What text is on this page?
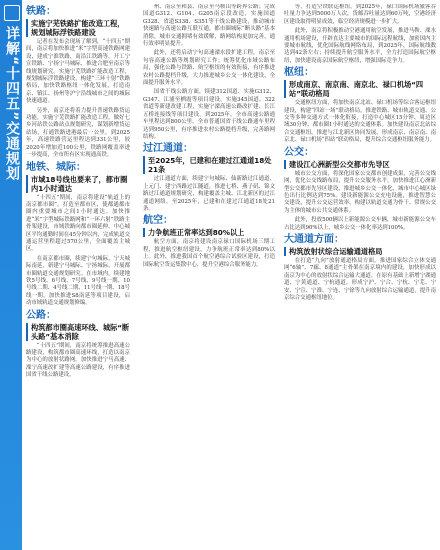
详解“十四五”交通规划
铁路：
实施宁芜铁路扩能改造工程，规划城际浮铁路建设

记者在发布会现场了解到，“十四五”期间，南京将加快推进“米”字型高速铁路网建设，建成宁淮铁路，南沿江铁路等，开工宁宣铁路、宁扬宁马城际，推进合肥至南京等线规划研究。实施宁芜铁路扩能改造工程，规划城际浮铁路建设，构建“三环十射”铁路格局，加快铁路枢纽一体化发展，打造南京、镇江、扬州等沪宁沿线城市之间的城际快速通道。

另外，南京还将着力提升普速铁路货运功能，实施宁芜铁路扩能改造工程，做好七乡河站铁公路站点规划研究，谋划新增货运站场，打通铁路进港最后一公里。到2025年，高速铁路营运里程达到331公里，较2020年增加近100公里，铁路网覆盖率进一步提高，全市所有区实现通高铁。

地铁、城际：
市域18号线也要来了，都市圈内1小时通达

“十四五”期间，南京将建设“轨道上的南京都市圈”，打造至都市区、使都通都市圈内重要城市之间1小时通达。加快推进“米”字型城际铁路网和“一环六射”铁路主骨架建设，市域铁路向都市圈延伸，中心城区平均通勤时间在45分钟以内，完成轨道交通运营里程超过570公里，全面覆盖主城区。

在南京都市圈，续建宁句城际，宁天城际南延，新建宁马城际、宁扬城际，开展都市圈轨道交通规划研究。在市域内，续建地铁5号线、6号线、7号线、9号线一期、10号线二期、4号线二期、11号线一期、18号线一期，加快推进S8南延等项目建设，启动市域轨道交通规划修编。

公路：
构筑都市圈高速环线、城际“断头路”基本消除

“十四五”期间，南京将统筹推进高速公路建设，构筑都市圈高速环线，打造以南京为中心的放射状路网。加快推进宁马高速、溧宁高速改扩建等高速公路建设，有序推进国省干线公路建设。

州、南京至和县、南京至马鞍山等跨界公路；完成国道G312、G104、G205南京段改造，实施国道G328、省道S338、S351等干线公路建设，推动城市快速路与高速公路互联互通，都市圈城际“断头路”基本消除，城市交通拥堵有效缓解，路网结构更加完善，通行效率明显提升。

此外，还将启动宁句高速溧水段扩建工程，南京至句容高速公路等规划研究工作；统筹优化市域公路布局，强化公路与铁路、航空枢纽的有效衔接，有序推进农村公路提档升级，大力推进城乡公交一体化建设，全面提升服务水平。

国省干线公路方面，续建312国道、实施G312、G347、江浦至栖霞等项目建设。实施345国道、322省道等新建改建工程，实施宁溧高速公路改扩建、长江五桥连接线等项目建设。到2025年，全市高速公路通车里程达到800公里，全市普通国省干线公路通车里程达到950公里，有序推进农村公路提档升级，完善路网结构。

过江通道：
至2025年，已建和在建过江通道18处21条

过江通道方面，续建宁句城际、仙新路过江通道、上元门、建宁西路过江隧道，推进七桥、燕子矶、锦文路过江通道规划研究，构建覆盖主城、江北新区的过江通道网络。至2025年，已建和在建过江通道18处21条。

航空：
力争航班正常率达到80%以上

航空方面，南京将建设南京禄口国际机场三期工程，推进航空枢纽建设，力争航班正常率达到80%以上。此外，推进我国首个航空港综合试验区建设，打造国际航空货运集散中心，提升空港综合服务能力。

等，打造空铁联运枢纽。到2025年，禄口国际机场旅客吞吐量力争达到5000万人次，货邮吞吐量达到60万吨，空港经济区建设取得明显成效，临空经济规模进一步扩大。

此外，南京将积极推动空港通用航空发展，推进马鞍、溧水通用机场建设，开辟直达主要城市的国际远程航线，加密国内主要城市航线，优化国际航线网络布局，到2025年，国际航线数达到42条左右；持续提升航空服务水平，全力打造国际航空枢纽，加快建设南京国际航空枢纽，增强国际竞争力。

枢纽：
形成南京、南京南、南京北、禄口机场“四站”联动格局

交通枢纽方面，将加快南京北站、禄口机场等综合客运枢纽建设，构建“四站一场”联动格局，推进铁路、城市轨道交通、公交等多种交通方式一体化衔接，打造中心城区15分钟、周边区域30分钟、都市圈1小时通达的交通体系。加快建设南京北站综合交通枢纽，推进与江北新区协同发展，形成南京、南京南、南京北、禄口机场“四站”联动格局，提升综合交通枢纽服务能力。

公交：
建设江心洲新型公交都市先导区

城市公交方面，将深化国家公交都市创建成果，完善公交线网，优化公交线路布局，提升公交服务水平，加快推进江心洲新型公交都市先导区建设，推进城乡公交一体化，城市中心城区绿色出行比例达到75%。建设新能源公交充电设施，推进智慧公交建设，提升公交运营效率，构建以轨道交通为骨干、常规公交为主体的城市公共交通体系。

此外，投放500辆以上新能源公交车辆，城市新能源公交车占比达到90%以上，城乡公交一体化率达到100%。

大通道方面：
构筑放射状综合运输通道格局

在打造“九向”放射通道格局方面，推进国家综合立体交通网“6轴”、7廊、8通道”主骨架在南京境内的建设，加快形成以南京为中心的放射状综合运输大通道。在原有基础上新增宁湖通道、宁黄通道、宁杭通道，形成宁沪、宁合、宁杭、宁芜、宁安、宁宣、宁淮、宁连、宁徐等九向放射综合运输通道，提升南京综合交通枢纽地位。
